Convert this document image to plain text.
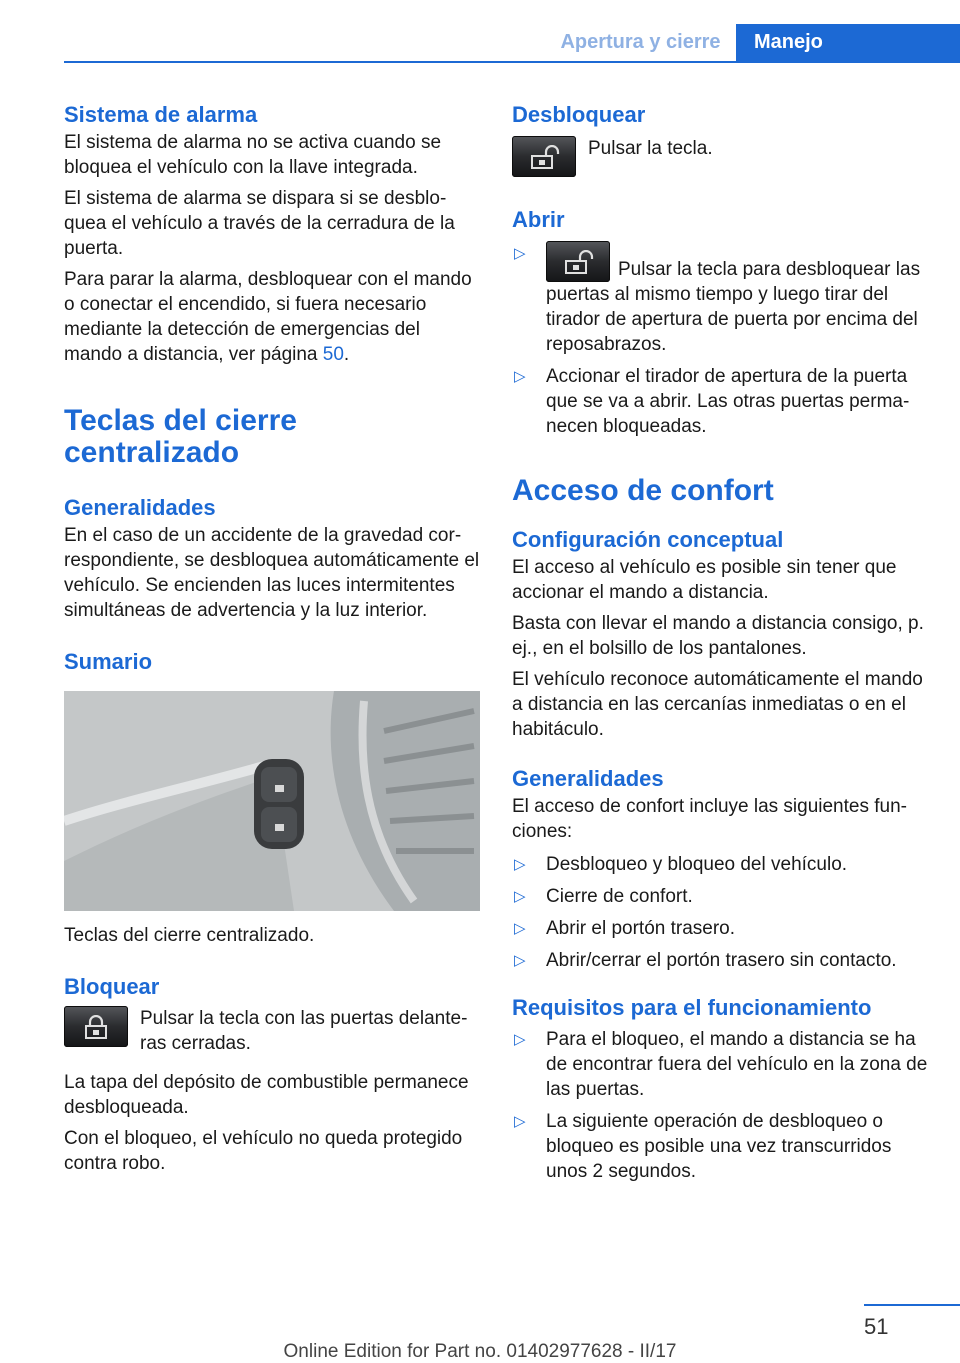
Apertura y cierre	Manejo
Sistema de alarma

El sistema de alarma no se activa cuando se bloquea el vehículo con la llave integrada.

El sistema de alarma se dispara si se desbloquea el vehículo a través de la cerradura de la puerta.

Para parar la alarma, desbloquear con el mando o conectar el encendido, si fuera necesario mediante la detección de emergencias del mando a distancia, ver página 50.

Teclas del cierre centralizado
Generalidades

En el caso de un accidente de la gravedad correspondiente, se desbloquea automáticamente el vehículo. Se encienden las luces intermitentes simultáneas de advertencia y la luz interior.

Sumario

Teclas del cierre centralizado.

Bloquear

Pulsar la tecla con las puertas delanteras cerradas.

La tapa del depósito de combustible permanece desbloqueada.

Con el bloqueo, el vehículo no queda protegido contra robo.

Desbloquear

Pulsar la tecla.

Abrir
▷
Pulsar la tecla para desbloquear las puertas al mismo tiempo y luego tirar del tirador de apertura de puerta por encima del reposabrazos.
▷ Accionar el tirador de apertura de la puerta que se va a abrir. Las otras puertas permanecen bloqueadas.
Acceso de confort
Configuración conceptual

El acceso al vehículo es posible sin tener que accionar el mando a distancia.

Basta con llevar el mando a distancia consigo, p. ej., en el bolsillo de los pantalones.

El vehículo reconoce automáticamente el mando a distancia en las cercanías inmediatas o en el habitáculo.

Generalidades

El acceso de confort incluye las siguientes funciones:

▷ Desbloqueo y bloqueo del vehículo.
▷ Cierre de confort.
▷ Abrir el portón trasero.
▷ Abrir/cerrar el portón trasero sin contacto.
Requisitos para el funcionamiento
▷ Para el bloqueo, el mando a distancia se ha de encontrar fuera del vehículo en la zona de las puertas.
▷ La siguiente operación de desbloqueo o bloqueo es posible una vez transcurridos unos 2 segundos.
51
Online Edition for Part no. 01402977628 - II/17
